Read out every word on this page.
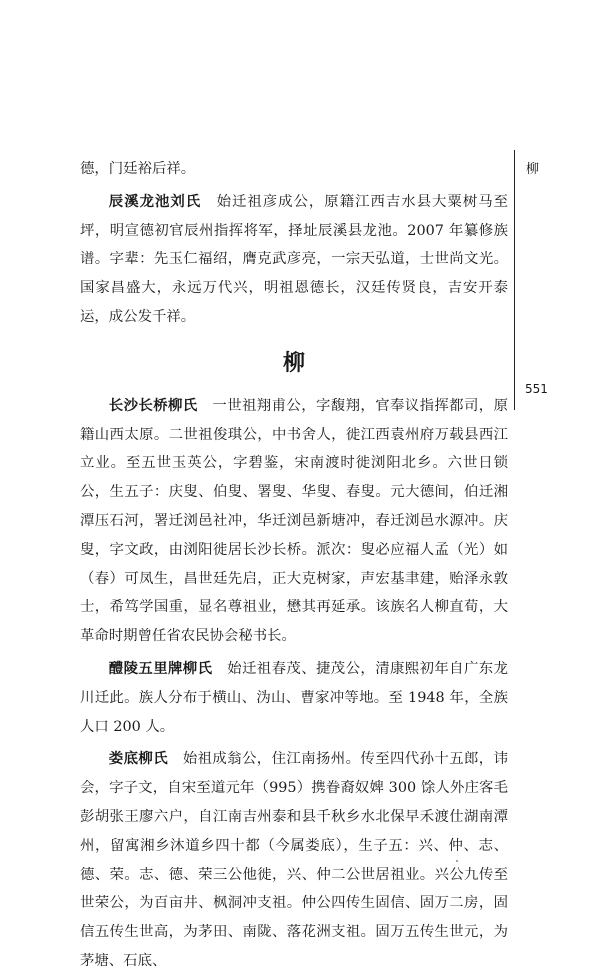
柳
551

德，门廷裕后祥。

辰溪龙池刘氏　 始迁祖彦成公，原籍江西吉水县大粟树马至坪，明宣德初官辰州指挥将军，择址辰溪县龙池。2007 年纂修族谱。字辈：先玉仁福绍，膺克武彦亮，一宗天弘道，士世尚文光。国家昌盛大，永远万代兴，明祖恩德长，汉廷传贤良，吉安开泰运，成公发千祥。

柳

长沙长桥柳氏　 一世祖翔甫公，字馥翔，官奉议指挥都司，原籍山西太原。二世祖俊琪公，中书舍人，徙江西袁州府万载县西江立业。至五世玉英公，字碧鉴，宋南渡时徙浏阳北乡。六世日锁公，生五子：庆叟、伯叟、署叟、华叟、春叟。元大德间，伯迁湘潭压石河，署迁浏邑社冲，华迁浏邑新塘冲，春迁浏邑水源冲。庆叟，字文政，由浏阳徙居长沙长桥。派次：叟必应福人孟（光）如（春）可凤生，昌世廷先启，正大克树家，声宏基聿建，贻泽永敦士，希笃学国重，显名尊祖业，懋其再延承。该族名人柳直荀，大革命时期曾任省农民协会秘书长。

醴陵五里牌柳氏　 始迁祖春茂、捷茂公，清康熙初年自广东龙川迁此。族人分布于横山、沩山、曹家冲等地。至 1948 年，全族人口 200 人。

娄底柳氏　 始祖成翁公，住江南扬州。传至四代孙十五郎，讳会，字子文，自宋至道元年（995）携眷裔奴婢 300 馀人外庄客毛彭胡张王廖六户，自江南吉州泰和县千秋乡水北保早禾渡仕湖南潭州，留寓湘乡沐道乡四十都（今属娄底），生子五：兴、仲、志、德、荣。志、德、荣三公他徙，兴、仲二公世居祖业。兴公九传至世荣公，为百亩井、枫洞冲支祖。仲公四传生固信、固万二房，固信五传生世高，为茅田、南陇、落花洲支祖。固万五传生世元，为茅塘、石底、
